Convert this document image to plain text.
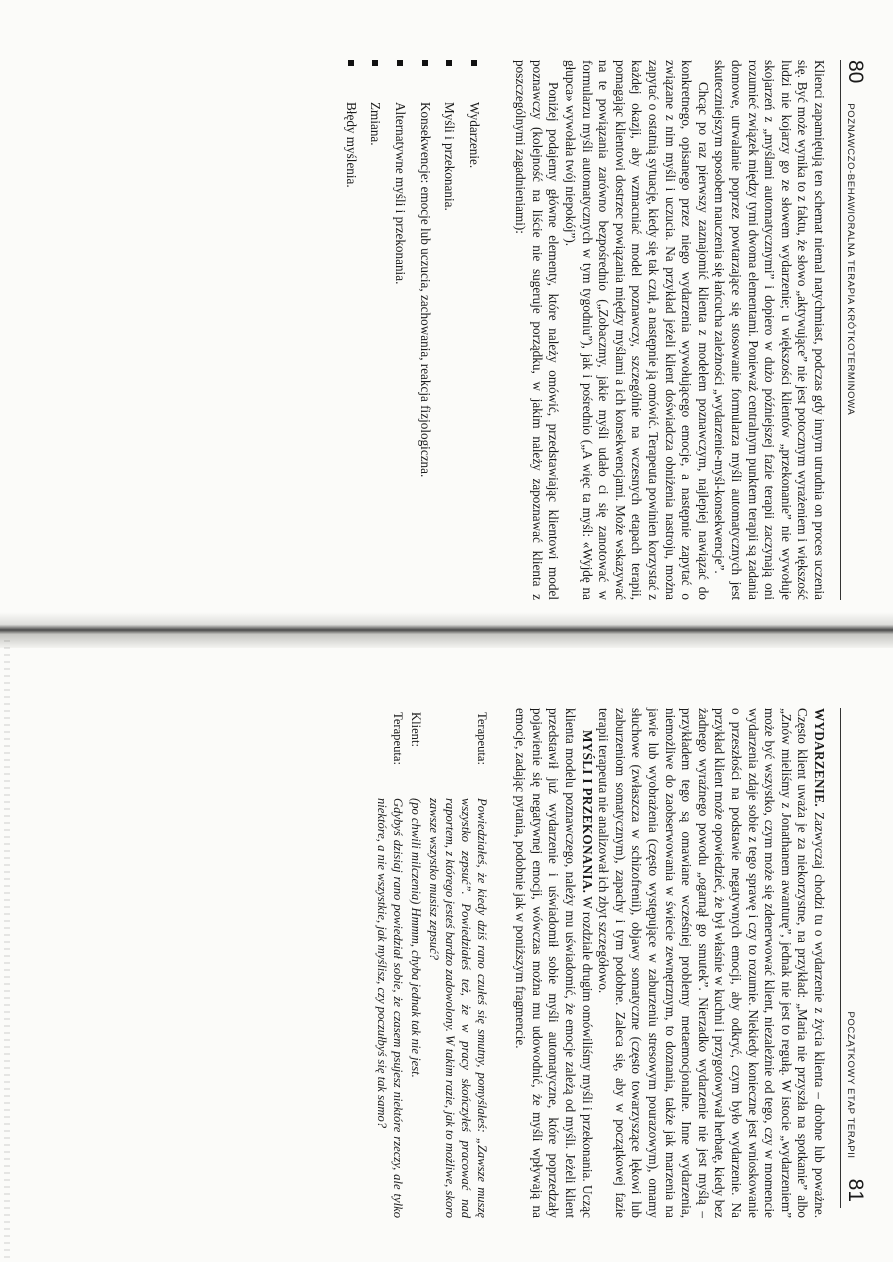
80
POZNAWCZO-BEHAWIORALNA TERAPIA KRÓTKOTERMINOWA

Klienci zapamiętują ten schemat niemal natychmiast, podczas gdy innym utrudnia on proces uczenia się. Być może wynika to z faktu, że słowo „aktywujące” nie jest potocznym wyrażeniem i większość ludzi nie kojarzy go ze słowem wydarzenie; u większości klientów „przekonanie” nie wywołuje skojarzeń z „myślami automatycznymi” i dopiero w dużo późniejszej fazie terapii zaczynają oni rozumieć związek między tymi dwoma elementami. Ponieważ centralnym punktem terapii są zadania domowe, utrwalanie poprzez powtarzające się stosowanie formularza myśli automatycznych jest skuteczniejszym sposobem nauczenia się łańcucha zależności „wydarzenie-myśl-konsekwencje”.

Chcąc po raz pierwszy zaznajomić klienta z modelem poznawczym, najlepiej nawiązać do konkretnego, opisanego przez niego wydarzenia wywołującego emocje, a następnie zapytać o związane z nim myśli i uczucia. Na przykład jeżeli klient doświadcza obniżenia nastroju, można zapytać o ostatnią sytuację, kiedy się tak czuł, a następnie ją omówić. Terapeuta powinien korzystać z każdej okazji, aby wzmacniać model poznawczy, szczególnie na wczesnych etapach terapii, pomagając klientowi dostrzec powiązania między myślami a ich konsekwencjami. Może wskazywać na te powiązania zarówno bezpośrednio („Zobaczmy, jakie myśli udało ci się zanotować w formularzu myśli automatycznych w tym tygodniu”), jak i pośrednio („A więc ta myśl: «Wyjdę na głupca» wywołała twój niepokój”).

Poniżej podajemy główne elementy, które należy omówić, przedstawiając klientowi model poznawczy (kolejność na liście nie sugeruje porządku, w jakim należy zapoznawać klienta z poszczególnymi zagadnieniami):

Wydarzenie.
Myśli i przekonania.
Konsekwencje: emocje lub uczucia, zachowania, reakcja fizjologiczna.
Alternatywne myśli i przekonania.
Zmiana.
Błędy myślenia.
POCZĄTKOWY ETAP TERAPII
81

WYDARZENIE. Zazwyczaj chodzi tu o wydarzenie z życia klienta – drobne lub poważne. Często klient uważa je za niekorzystne, na przykład: „Maria nie przyszła na spotkanie” albo „Znów mieliśmy z Jonathanem awanturę”, jednak nie jest to regułą. W istocie „wydarzeniem” może być wszystko, czym może się zdenerwować klient, niezależnie od tego, czy w momencie wydarzenia zdaje sobie z tego sprawę i czy to rozumie. Niekiedy konieczne jest wnioskowanie o przeszłości na podstawie negatywnych emocji, aby odkryć, czym było wydarzenie. Na przykład klient może opowiedzieć, że był właśnie w kuchni i przygotowywał herbatę, kiedy bez żadnego wyraźnego powodu „ogarnął go smutek”. Nierzadko wydarzenie nie jest myślą – przykładem tego są omawiane wcześniej problemy metaemocjonalne. Inne wydarzenia, niemożliwe do zaobserwowania w świecie zewnętrznym, to doznania, także jak marzenia na jawie lub wyobrażenia (często występujące w zaburzeniu stresowym pourazowym), omamy słuchowe (zwłaszcza w schizofrenii), objawy somatyczne (często towarzyszące lękowi lub zaburzeniom somatycznym), zapachy i tym podobne. Zaleca się, aby w początkowej fazie terapii terapeuta nie analizował ich zbyt szczegółowo.

MYŚLI I PRZEKONANIA. W rozdziale drugim omówiliśmy myśli i przekonania. Ucząc klienta modelu poznawczego, należy mu uświadomić, że emocje zależą od myśli. Jeżeli klient przedstawił już wydarzenie i uświadomił sobie myśli automatyczne, które poprzedzały pojawienie się negatywnej emocji, wówczas można mu udowodnić, że myśli wpływają na emocje, zadając pytania, podobnie jak w poniższym fragmencie.

Terapeuta:
Powiedziałeś, że kiedy dziś rano czułeś się smutny, pomyślałeś: „Zawsze muszę wszystko zepsuć”. Powiedziałeś też, że w pracy skończyłeś pracować nad raportem, z którego jesteś bardzo zadowolony. W takim razie, jak to możliwe, skoro zawsze wszystko musisz zepsuć?
Klient:
(po chwili milczenia) Hmmm, chyba jednak tak nie jest.
Terapeuta:
Gdybyś dzisiaj rano powiedział sobie, że czasem psujesz niektóre rzeczy, ale tylko niektóre, a nie wszystkie, jak myślisz, czy poczułbyś się tak samo?
